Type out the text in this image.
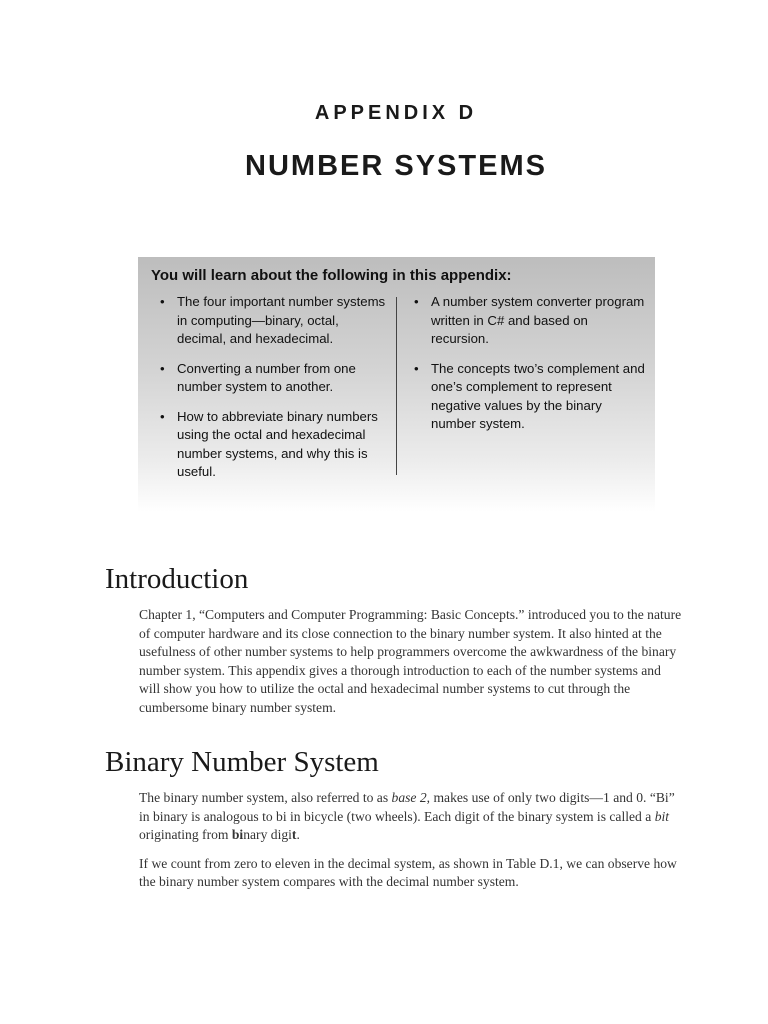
APPENDIX D
NUMBER SYSTEMS
You will learn about the following in this appendix:
• The four important number systems in computing—binary, octal, decimal, and hexadecimal.
• Converting a number from one number system to another.
• How to abbreviate binary numbers using the octal and hexadecimal number systems, and why this is useful.
• A number system converter program written in C# and based on recursion.
• The concepts two’s complement and one’s complement to represent negative values by the binary number system.
Introduction

Chapter 1, “Computers and Computer Programming: Basic Concepts.” introduced you to the nature of computer hardware and its close connection to the binary number system. It also hinted at the usefulness of other number systems to help programmers overcome the awkwardness of the binary number system. This appendix gives a thorough introduction to each of the number systems and will show you how to utilize the octal and hexadecimal number systems to cut through the cumbersome binary number system.

Binary Number System

The binary number system, also referred to as base 2, makes use of only two digits—1 and 0. “Bi” in binary is analogous to bi in bicycle (two wheels). Each digit of the binary system is called a bit originating from binary digit.

If we count from zero to eleven in the decimal system, as shown in Table D.1, we can observe how the binary number system compares with the decimal number system.
